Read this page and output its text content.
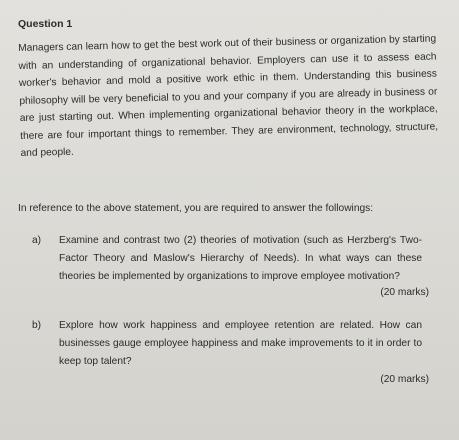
Question 1
Managers can learn how to get the best work out of their business or organization by starting with an understanding of organizational behavior. Employers can use it to assess each worker's behavior and mold a positive work ethic in them. Understanding this business philosophy will be very beneficial to you and your company if you are already in business or are just starting out. When implementing organizational behavior theory in the workplace, there are four important things to remember. They are environment, technology, structure, and people.
In reference to the above statement, you are required to answer the followings:
a) Examine and contrast two (2) theories of motivation (such as Herzberg's Two-Factor Theory and Maslow's Hierarchy of Needs). In what ways can these theories be implemented by organizations to improve employee motivation?
(20 marks)
b) Explore how work happiness and employee retention are related. How can businesses gauge employee happiness and make improvements to it in order to keep top talent?
(20 marks)
